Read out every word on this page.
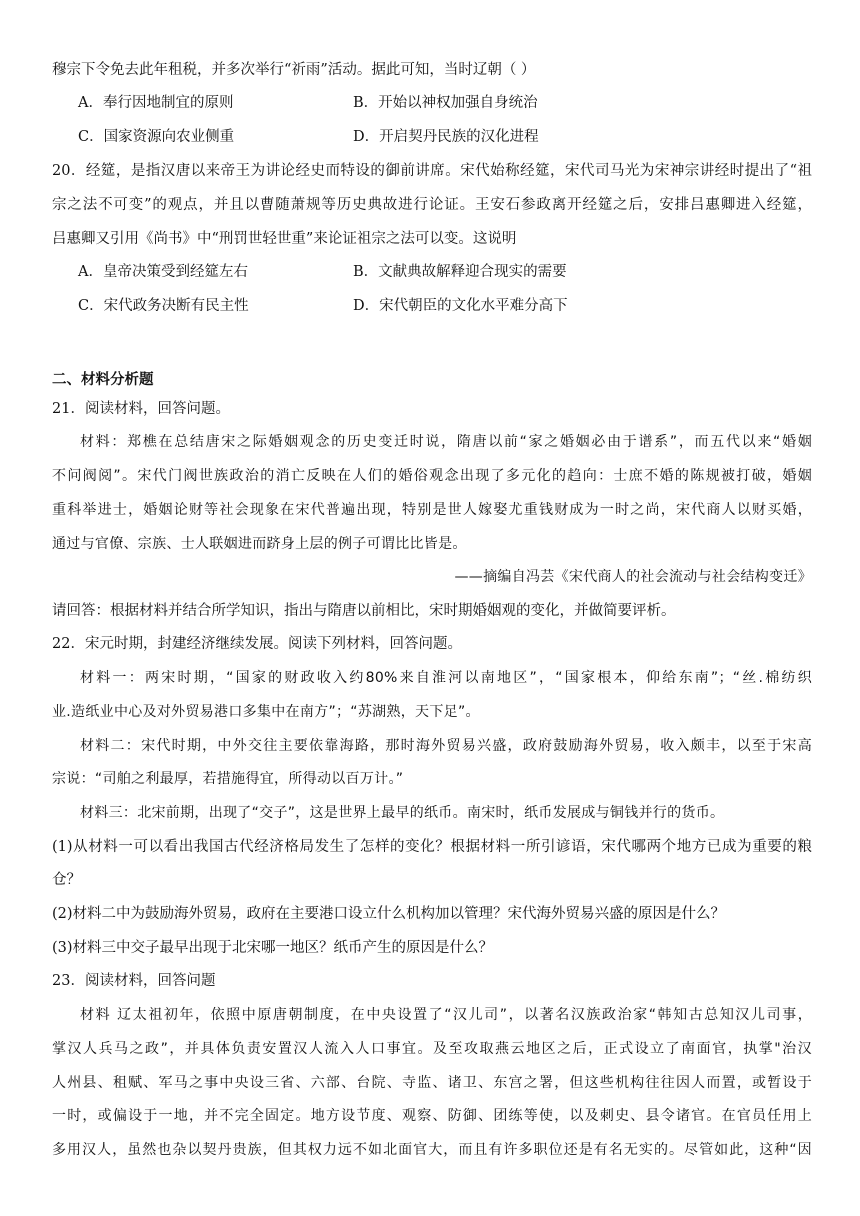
穆宗下令免去此年租税，并多次举行“祈雨”活动。据此可知，当时辽朝（ ）
A．奉行因地制宜的原则	B．开始以神权加强自身统治
C．国家资源向农业侧重	D．开启契丹民族的汉化进程
20．经筵，是指汉唐以来帝王为讲论经史而特设的御前讲席。宋代始称经筵，宋代司马光为宋神宗讲经时提出了“祖
宗之法不可变”的观点，并且以曹随萧规等历史典故进行论证。王安石参政离开经筵之后，安排吕惠卿进入经筵，
吕惠卿又引用《尚书》中“刑罚世轻世重”来论证祖宗之法可以变。这说明
A．皇帝决策受到经筵左右	B．文献典故解释迎合现实的需要
C．宋代政务决断有民主性	D．宋代朝臣的文化水平难分高下
二、材料分析题
21．阅读材料，回答问题。
材料：郑樵在总结唐宋之际婚姻观念的历史变迁时说，隋唐以前“家之婚姻必由于谱系”，而五代以来“婚姻
不问阀阅”。宋代门阀世族政治的消亡反映在人们的婚俗观念出现了多元化的趋向：士庶不婚的陈规被打破，婚姻
重科举进士，婚姻论财等社会现象在宋代普遍出现，特别是世人嫁娶尤重钱财成为一时之尚，宋代商人以财买婚，
通过与官僚、宗族、士人联姻进而跻身上层的例子可谓比比皆是。
——摘编自冯芸《宋代商人的社会流动与社会结构变迁》
请回答：根据材料并结合所学知识，指出与隋唐以前相比，宋时期婚姻观的变化，并做简要评析。
22．宋元时期，封建经济继续发展。阅读下列材料，回答问题。
材料一：两宋时期，“国家的财政收入约80%来自淮河以南地区”，“国家根本，仰给东南”；“丝.棉纺织
业.造纸业中心及对外贸易港口多集中在南方”；“苏湖熟，天下足”。
材料二：宋代时期，中外交往主要依靠海路，那时海外贸易兴盛，政府鼓励海外贸易，收入颇丰，以至于宋高
宗说：“司舶之利最厚，若措施得宜，所得动以百万计。”
材料三：北宋前期，出现了“交子”，这是世界上最早的纸币。南宋时，纸币发展成与铜钱并行的货币。
(1)从材料一可以看出我国古代经济格局发生了怎样的变化？根据材料一所引谚语，宋代哪两个地方已成为重要的粮
仓？
(2)材料二中为鼓励海外贸易，政府在主要港口设立什么机构加以管理？宋代海外贸易兴盛的原因是什么？
(3)材料三中交子最早出现于北宋哪一地区？纸币产生的原因是什么？
23．阅读材料，回答问题
材料 辽太祖初年，依照中原唐朝制度，在中央设置了“汉儿司”，以著名汉族政治家“韩知古总知汉儿司事，
掌汉人兵马之政”，并具体负责安置汉人流入人口事宜。及至攻取燕云地区之后，正式设立了南面官，执掌"治汉
人州县、租赋、军马之事中央设三省、六部、台院、寺监、诸卫、东宫之署，但这些机构往往因人而置，或暂设于
一时，或偏设于一地，并不完全固定。地方设节度、观察、防御、团练等使，以及刺史、县令诸官。在官员任用上
多用汉人，虽然也杂以契丹贵族，但其权力远不如北面官大，而且有许多职位还是有名无实的。尽管如此，这种“因
